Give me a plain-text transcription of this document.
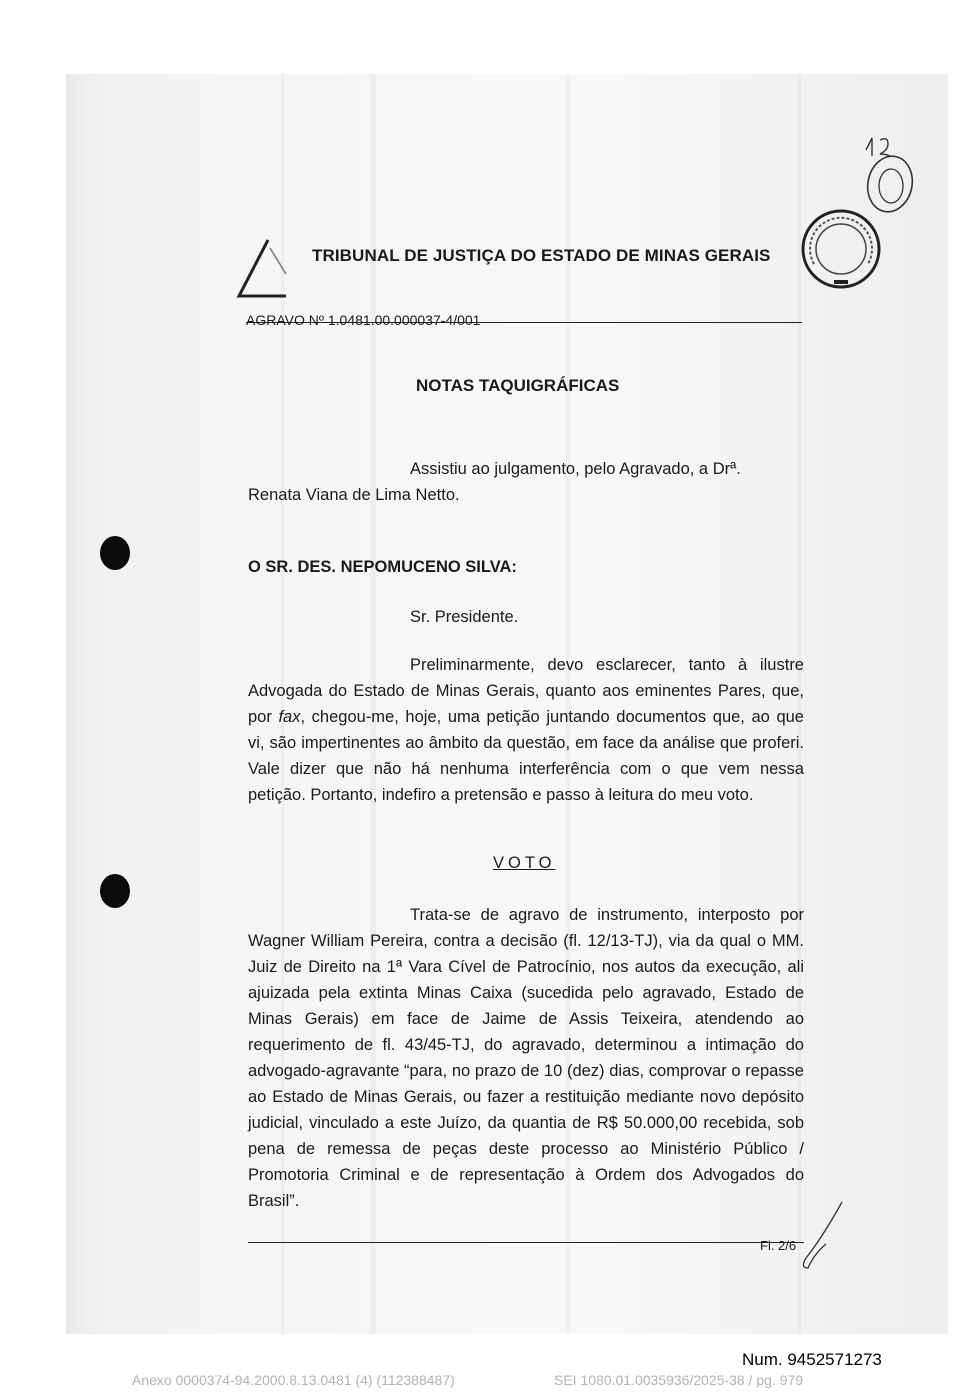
TRIBUNAL DE JUSTIÇA DO ESTADO DE MINAS GERAIS
AGRAVO Nº 1.0481.00.000037-4/001
NOTAS TAQUIGRÁFICAS
Assistiu ao julgamento, pelo Agravado, a Drª.
Renata Viana de Lima Netto.
O SR. DES. NEPOMUCENO SILVA:
Sr. Presidente.
Preliminarmente, devo esclarecer, tanto à ilustre Advogada do Estado de Minas Gerais, quanto aos eminentes Pares, que, por fax, chegou-me, hoje, uma petição juntando documentos que, ao que vi, são impertinentes ao âmbito da questão, em face da análise que proferi. Vale dizer que não há nenhuma interferência com o que vem nessa petição. Portanto, indefiro a pretensão e passo à leitura do meu voto.
VOTO
Trata-se de agravo de instrumento, interposto por Wagner William Pereira, contra a decisão (fl. 12/13-TJ), via da qual o MM. Juiz de Direito na 1ª Vara Cível de Patrocínio, nos autos da execução, ali ajuizada pela extinta Minas Caixa (sucedida pelo agravado, Estado de Minas Gerais) em face de Jaime de Assis Teixeira, atendendo ao requerimento de fl. 43/45-TJ, do agravado, determinou a intimação do advogado-agravante “para, no prazo de 10 (dez) dias, comprovar o repasse ao Estado de Minas Gerais, ou fazer a restituição mediante novo depósito judicial, vinculado a este Juízo, da quantia de R$ 50.000,00 recebida, sob pena de remessa de peças deste processo ao Ministério Público / Promotoria Criminal e de representação à Ordem dos Advogados do Brasil”.
Fl. 2/6
Num. 9452571273
Anexo 0000374-94.2000.8.13.0481 (4) (112388487)	SEI 1080.01.0035936/2025-38 / pg. 979
